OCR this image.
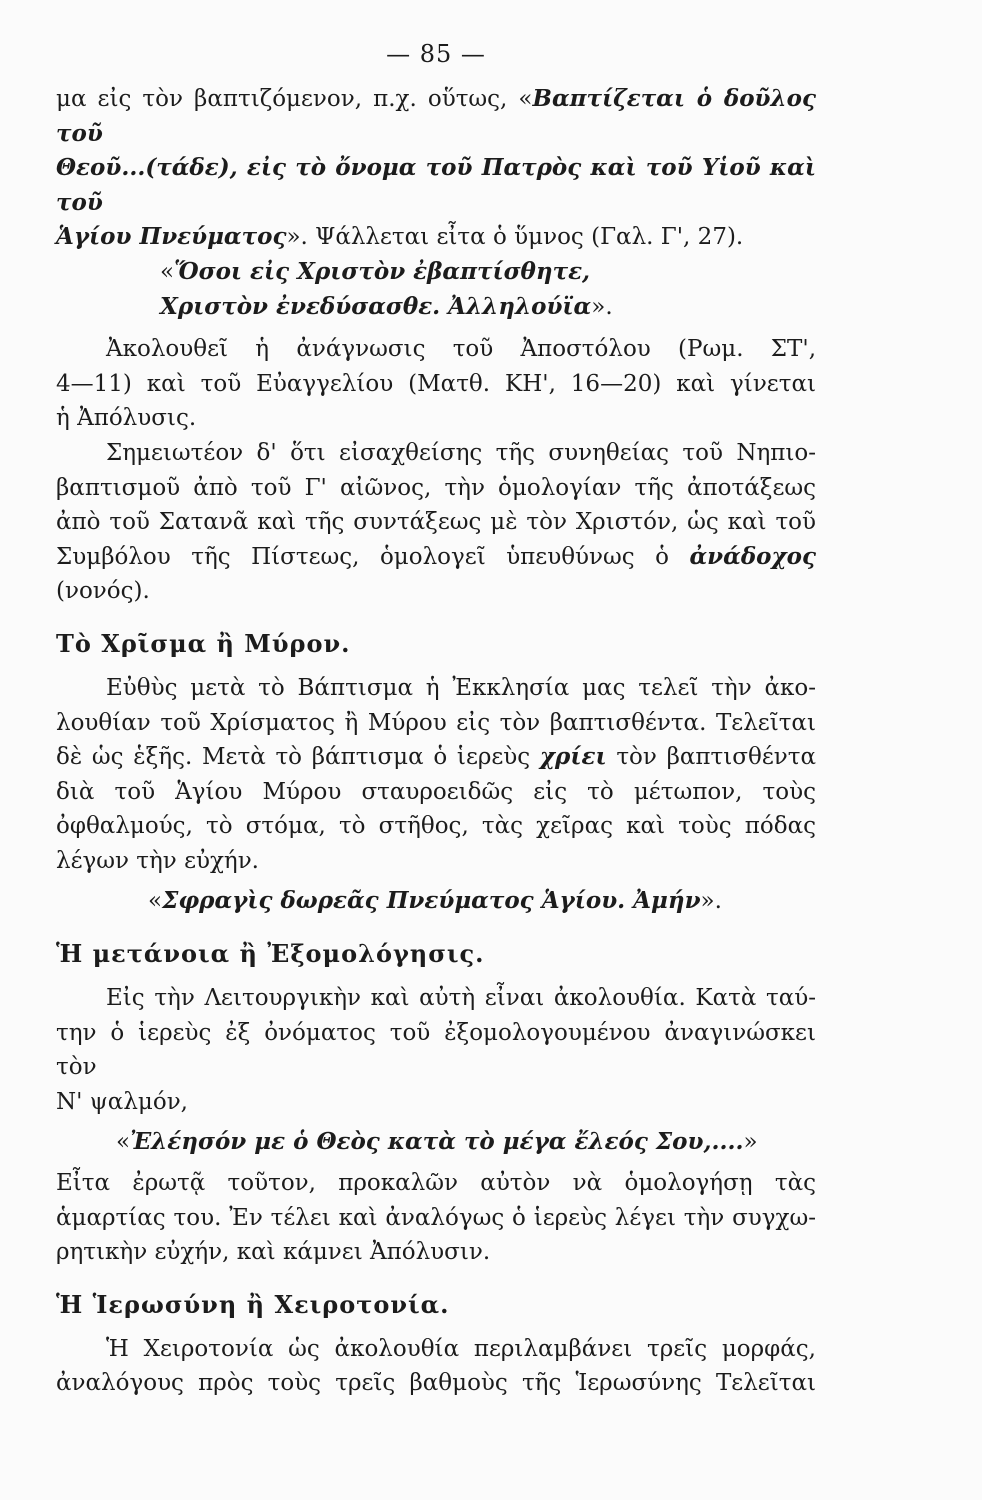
— 85 —
μα εἰς τὸν βαπτιζόμενον, π.χ. οὕτως, «Βαπτίζεται ὁ δοῦλος τοῦ
Θεοῦ...(τάδε), εἰς τὸ ὄνομα τοῦ Πατρὸς καὶ τοῦ Υἱοῦ καὶ τοῦ
Ἁγίου Πνεύματος». Ψάλλεται εἶτα ὁ ὕμνος (Γαλ. Γ', 27).
«Ὅσοι εἰς Χριστὸν ἐβαπτίσθητε,
Χριστὸν ἐνεδύσασθε. Ἀλληλούϊα».
Ἀκολουθεῖ ἡ ἀνάγνωσις τοῦ Ἀποστόλου (Ρωμ. ΣΤ',
4—11) καὶ τοῦ Εὐαγγελίου (Ματθ. ΚΗ', 16—20) καὶ γίνεται
ἡ Ἀπόλυσις.
Σημειωτέον δ' ὅτι εἰσαχθείσης τῆς συνηθείας τοῦ Νηπιο-
βαπτισμοῦ ἀπὸ τοῦ Γ' αἰῶνος, τὴν ὁμολογίαν τῆς ἀποτάξεως
ἀπὸ τοῦ Σατανᾶ καὶ τῆς συντάξεως μὲ τὸν Χριστόν, ὡς καὶ τοῦ
Συμβόλου τῆς Πίστεως, ὁμολογεῖ ὑπευθύνως ὁ ἀνάδοχος
(νονός).
Τὸ Χρῖσμα ἢ Μύρον.
Εὐθὺς μετὰ τὸ Βάπτισμα ἡ Ἐκκλησία μας τελεῖ τὴν ἀκο-
λουθίαν τοῦ Χρίσματος ἢ Μύρου εἰς τὸν βαπτισθέντα. Τελεῖται
δὲ ὡς ἑξῆς. Μετὰ τὸ βάπτισμα ὁ ἱερεὺς χρίει τὸν βαπτισθέντα
διὰ τοῦ Ἁγίου Μύρου σταυροειδῶς εἰς τὸ μέτωπον, τοὺς
ὀφθαλμούς, τὸ στόμα, τὸ στῆθος, τὰς χεῖρας καὶ τοὺς πόδας
λέγων τὴν εὐχήν.
«Σφραγὶς δωρεᾶς Πνεύματος Ἁγίου. Ἀμήν».
Ἡ μετάνοια ἢ Ἐξομολόγησις.
Εἰς τὴν Λειτουργικὴν καὶ αὐτὴ εἶναι ἀκολουθία. Κατὰ ταύ-
την ὁ ἱερεὺς ἐξ ὀνόματος τοῦ ἐξομολογουμένου ἀναγινώσκει τὸν
Ν' ψαλμόν,
«Ἐλέησόν με ὁ Θεὸς κατὰ τὸ μέγα ἔλεός Σου,....»
Εἶτα ἐρωτᾷ τοῦτον, προκαλῶν αὐτὸν νὰ ὁμολογήσῃ τὰς
ἁμαρτίας του. Ἐν τέλει καὶ ἀναλόγως ὁ ἱερεὺς λέγει τὴν συγχω-
ρητικὴν εὐχήν, καὶ κάμνει Ἀπόλυσιν.
Ἡ Ἱερωσύνη ἢ Χειροτονία.
Ἡ Χειροτονία ὡς ἀκολουθία περιλαμβάνει τρεῖς μορφάς,
ἀναλόγους πρὸς τοὺς τρεῖς βαθμοὺς τῆς Ἱερωσύνης Τελεῖται
